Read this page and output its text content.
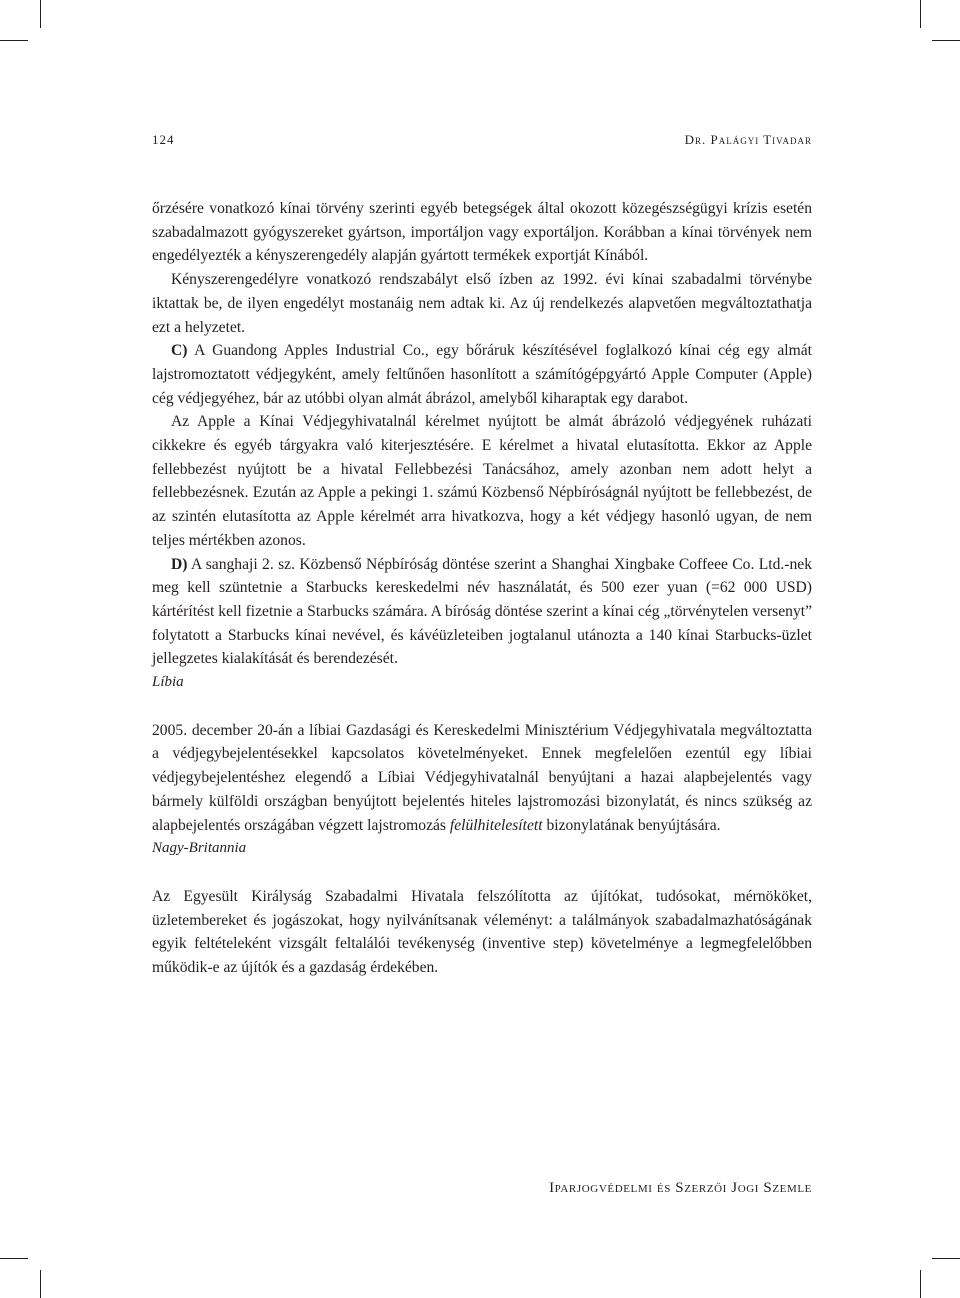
124	Dr. Palágyi Tivadar

őrzésére vonatkozó kínai törvény szerinti egyéb betegségek által okozott közegészségügyi krízis esetén szabadalmazott gyógyszereket gyártson, importáljon vagy exportáljon. Korábban a kínai törvények nem engedélyezték a kényszerengedély alapján gyártott termékek exportját Kínából.

Kényszerengedélyre vonatkozó rendszabályt első ízben az 1992. évi kínai szabadalmi törvénybe iktattak be, de ilyen engedélyt mostanáig nem adtak ki. Az új rendelkezés alapvetően megváltoztathatja ezt a helyzetet.

C) A Guandong Apples Industrial Co., egy bőráruk készítésével foglalkozó kínai cég egy almát lajstromoztatott védjegyként, amely feltűnően hasonlított a számítógépgyártó Apple Computer (Apple) cég védjegyéhez, bár az utóbbi olyan almát ábrázol, amelyből kiharaptak egy darabot.

Az Apple a Kínai Védjegyhivatalnál kérelmet nyújtott be almát ábrázoló védjegyének ruházati cikkekre és egyéb tárgyakra való kiterjesztésére. E kérelmet a hivatal elutasította. Ekkor az Apple fellebbezést nyújtott be a hivatal Fellebbezési Tanácsához, amely azonban nem adott helyt a fellebbezésnek. Ezután az Apple a pekingi 1. számú Közbenső Népbíróságnál nyújtott be fellebbezést, de az szintén elutasította az Apple kérelmét arra hivatkozva, hogy a két védjegy hasonló ugyan, de nem teljes mértékben azonos.

D) A sanghaji 2. sz. Közbenső Népbíróság döntése szerint a Shanghai Xingbake Coffeee Co. Ltd.-nek meg kell szüntetnie a Starbucks kereskedelmi név használatát, és 500 ezer yuan (=62 000 USD) kártérítést kell fizetnie a Starbucks számára. A bíróság döntése szerint a kínai cég „törvénytelen versenyt” folytatott a Starbucks kínai nevével, és kávéüzleteiben jogtalanul utánozta a 140 kínai Starbucks-üzlet jellegzetes kialakítását és berendezését.

Líbia

2005. december 20-án a líbiai Gazdasági és Kereskedelmi Minisztérium Védjegyhivatala megváltoztatta a védjegybejelentésekkel kapcsolatos követelményeket. Ennek megfelelően ezentúl egy líbiai védjegybejelentéshez elegendő a Líbiai Védjegyhivatalnál benyújtani a hazai alapbejelentés vagy bármely külföldi országban benyújtott bejelentés hiteles lajstromozási bizonylatát, és nincs szükség az alapbejelentés országában végzett lajstromozás felülhitelesített bizonylatának benyújtására.

Nagy-Britannia

Az Egyesült Királyság Szabadalmi Hivatala felszólította az újítókat, tudósokat, mérnököket, üzletembereket és jogászokat, hogy nyilvánítsanak véleményt: a találmányok szabadalmazhatóságának egyik feltételeként vizsgált feltalálói tevékenység (inventive step) követelménye a legmegfelelőbben működik-e az újítók és a gazdaság érdekében.

Iparjogvédelmi és Szerzői Jogi Szemle
